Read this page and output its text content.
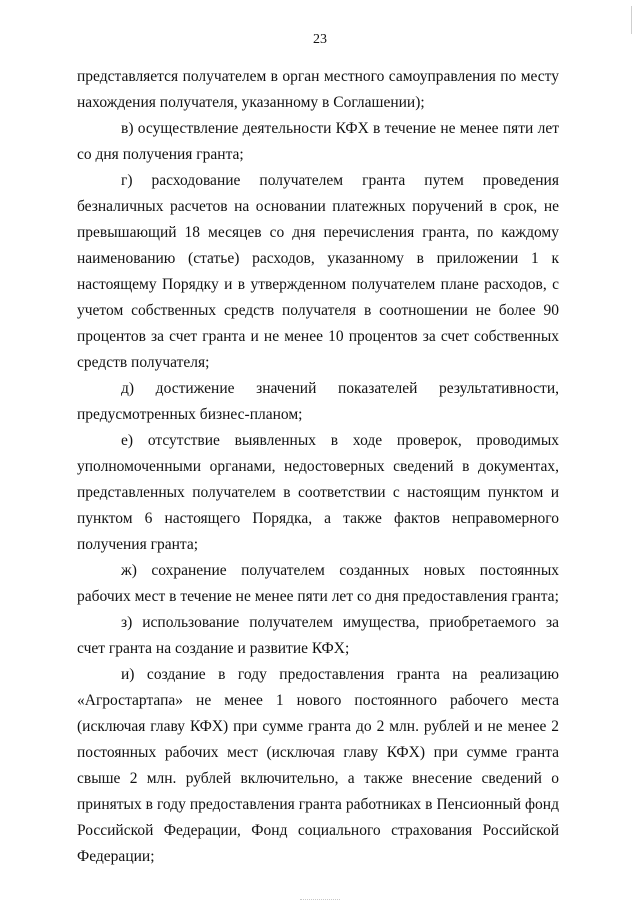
23

представляется получателем в орган местного самоуправления по месту нахождения получателя, указанному в Соглашении);

в) осуществление деятельности КФХ в течение не менее пяти лет со дня получения гранта;

г) расходование получателем гранта путем проведения безналичных расчетов на основании платежных поручений в срок, не превышающий 18 месяцев со дня перечисления гранта, по каждому наименованию (статье) расходов, указанному в приложении 1 к настоящему Порядку и в утвержденном получателем плане расходов, с учетом собственных средств получателя в соотношении не более 90 процентов за счет гранта и не менее 10 процентов за счет собственных средств получателя;

д) достижение значений показателей результативности, предусмотренных бизнес-планом;

е) отсутствие выявленных в ходе проверок, проводимых уполномоченными органами, недостоверных сведений в документах, представленных получателем в соответствии с настоящим пунктом и пунктом 6 настоящего Порядка, а также фактов неправомерного получения гранта;

ж) сохранение получателем созданных новых постоянных рабочих мест в течение не менее пяти лет со дня предоставления гранта;

з) использование получателем имущества, приобретаемого за счет гранта на создание и развитие КФХ;

и) создание в году предоставления гранта на реализацию «Агростартапа» не менее 1 нового постоянного рабочего места (исключая главу КФХ) при сумме гранта до 2 млн. рублей и не менее 2 постоянных рабочих мест (исключая главу КФХ) при сумме гранта свыше 2 млн. рублей включительно, а также внесение сведений о принятых в году предоставления гранта работниках в Пенсионный фонд Российской Федерации, Фонд социального страхования Российской Федерации;
